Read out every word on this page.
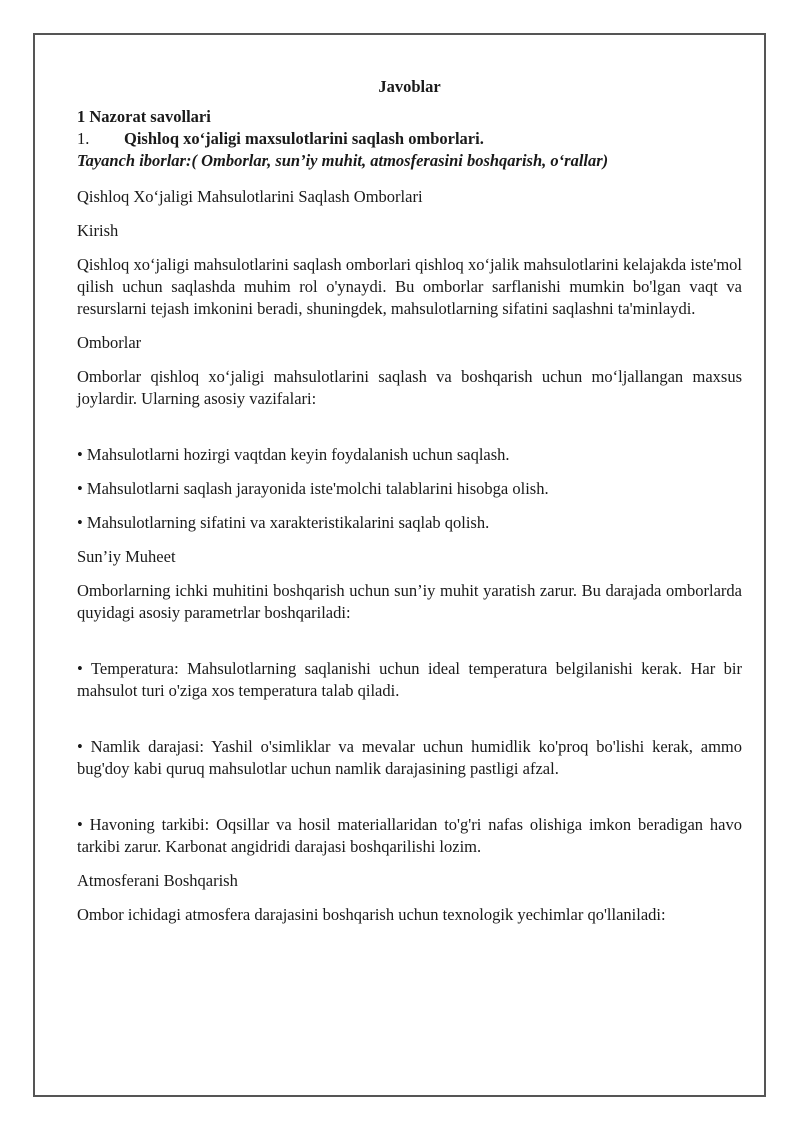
Javoblar

1 Nazorat savollari

1.	Qishloq xo‘jaligi maxsulotlarini saqlash omborlari.

Tayanch iborlar:( Omborlar, sun’iy muhit, atmosferasini boshqarish, o‘rallar)

Qishloq Xo‘jaligi Mahsulotlarini Saqlash Omborlari

Kirish

Qishloq xo‘jaligi mahsulotlarini saqlash omborlari qishloq xo‘jalik mahsulotlarini kelajakda iste'mol qilish uchun saqlashda muhim rol o'ynaydi. Bu omborlar sarflanishi mumkin bo'lgan vaqt va resurslarni tejash imkonini beradi, shuningdek, mahsulotlarning sifatini saqlashni ta'minlaydi.

Omborlar

Omborlar qishloq xo‘jaligi mahsulotlarini saqlash va boshqarish uchun mo‘ljallangan maxsus joylardir. Ularning asosiy vazifalari:

• Mahsulotlarni hozirgi vaqtdan keyin foydalanish uchun saqlash.

• Mahsulotlarni saqlash jarayonida iste'molchi talablarini hisobga olish.

• Mahsulotlarning sifatini va xarakteristikalarini saqlab qolish.

Sun’iy Muheet

Omborlarning ichki muhitini boshqarish uchun sun’iy muhit yaratish zarur. Bu darajada omborlarda quyidagi asosiy parametrlar boshqariladi:

• Temperatura: Mahsulotlarning saqlanishi uchun ideal temperatura belgilanishi kerak. Har bir mahsulot turi o'ziga xos temperatura talab qiladi.

• Namlik darajasi: Yashil o'simliklar va mevalar uchun humidlik ko'proq bo'lishi kerak, ammo bug'doy kabi quruq mahsulotlar uchun namlik darajasining pastligi afzal.

• Havoning tarkibi: Oqsillar va hosil materiallaridan to'g'ri nafas olishiga imkon beradigan havo tarkibi zarur. Karbonat angidridi darajasi boshqarilishi lozim.

Atmosferani Boshqarish

Ombor ichidagi atmosfera darajasini boshqarish uchun texnologik yechimlar qo'llaniladi:
